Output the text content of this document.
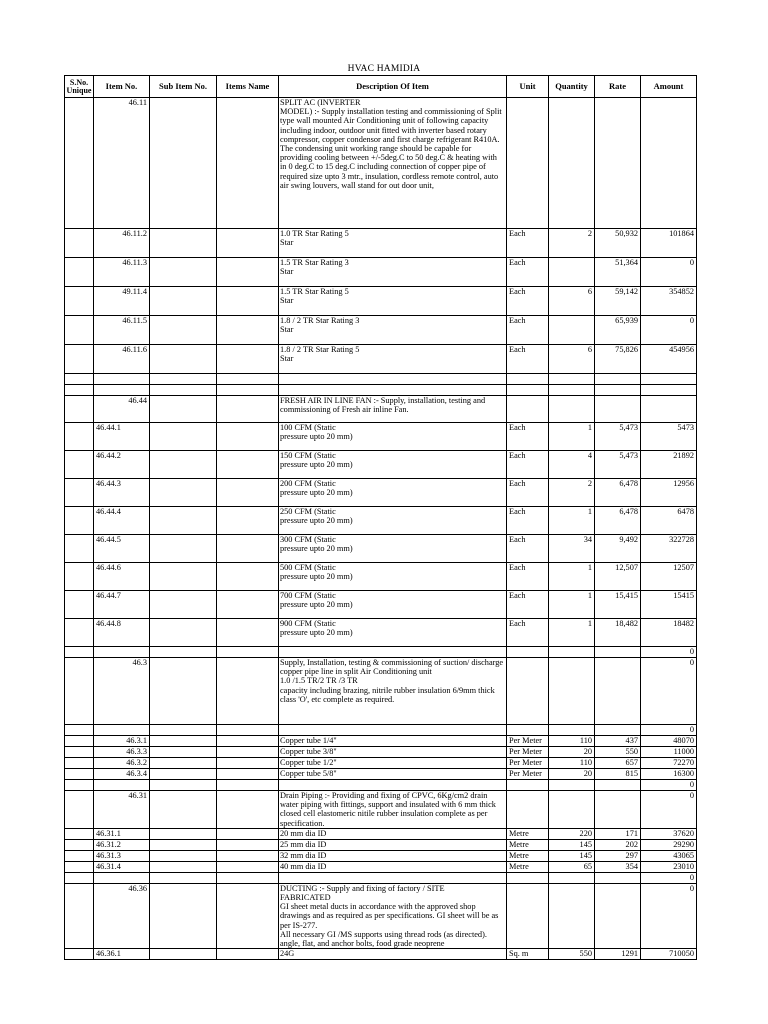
HVAC HAMIDIA
S.No.
Unique	Item No.	Sub Item No.	Items Name	Description Of Item	Unit	Quantity	Rate	Amount
	46.11			SPLIT AC (INVERTER
MODEL) :- Supply installation testing and commissioning of Split type wall mounted Air Conditioning unit of following capacity including indoor, outdoor unit fitted with inverter based rotary compressor, copper condensor and first charge refrigerant R410A. The condensing unit working range should be capable for providing cooling between +/-5deg.C to 50 deg.C & heating with in 0 deg.C to 15 deg.C including connection of copper pipe of required size upto 3 mtr., insulation, cordless remote control, auto air swing louvers, wall stand for out door unit,				
	46.11.2			1.0 TR Star Rating 5
Star	Each	2	50,932	101864
	46.11.3			1.5 TR Star Rating 3
Star	Each		51,364	0
	49.11.4			1.5 TR Star Rating 5
Star	Each	6	59,142	354852
	46.11.5			1.8 / 2 TR Star Rating 3
Star	Each		65,939	0
	46.11.6			1.8 / 2 TR Star Rating 5
Star	Each	6	75,826	454956

	46.44			FRESH AIR IN LINE FAN :- Supply, installation, testing and commissioning of Fresh air inline Fan.				
	46.44.1			100 CFM (Static
pressure upto 20 mm)	Each	1	5,473	5473
	46.44.2			150 CFM (Static
pressure upto 20 mm)	Each	4	5,473	21892
	46.44.3			200 CFM (Static
pressure upto 20 mm)	Each	2	6,478	12956
	46.44.4			250 CFM (Static
pressure upto 20 mm)	Each	1	6,478	6478
	46.44.5			300 CFM (Static
pressure upto 20 mm)	Each	34	9,492	322728
	46.44.6			500 CFM (Static
pressure upto 20 mm)	Each	1	12,507	12507
	46.44.7			700 CFM (Static
pressure upto 20 mm)	Each	1	15,415	15415
	46.44.8			900 CFM (Static
pressure upto 20 mm)	Each	1	18,482	18482
								0
	46.3			Supply, Installation, testing & commissioning of suction/ discharge copper pipe line in split Air Conditioning unit
1.0 /1.5 TR/2 TR /3 TR
capacity including brazing, nitrile rubber insulation 6/9mm thick class 'O', etc complete as required.				0
								0
	46.3.1			Copper tube 1/4''	Per Meter	110	437	48070
	46.3.3			Copper tube 3/8''	Per Meter	20	550	11000
	46.3.2			Copper tube 1/2''	Per Meter	110	657	72270
	46.3.4			Copper tube 5/8''	Per Meter	20	815	16300
								0
	46.31			Drain Piping :- Providing and fixing of CPVC, 6Kg/cm2 drain water piping with fittings, support and insulated with 6 mm thick closed cell elastomeric nitile rubber insulation complete as per specification.				0
	46.31.1			20 mm dia ID	Metre	220	171	37620
	46.31.2			25 mm dia ID	Metre	145	202	29290
	46.31.3			32 mm dia ID	Metre	145	297	43065
	46.31.4			40 mm dia ID	Metre	65	354	23010
								0
	46.36			DUCTING :- Supply and fixing of factory / SITE
FABRICATED
GI sheet metal ducts in accordance with the approved shop drawings and as required as per specifications. GI sheet will be as per IS-277.
All necessary GI /MS supports using thread rods (as directed). angle, flat, and anchor bolts, food grade neoprene				0
	46.36.1			24G	Sq. m	550	1291	710050
